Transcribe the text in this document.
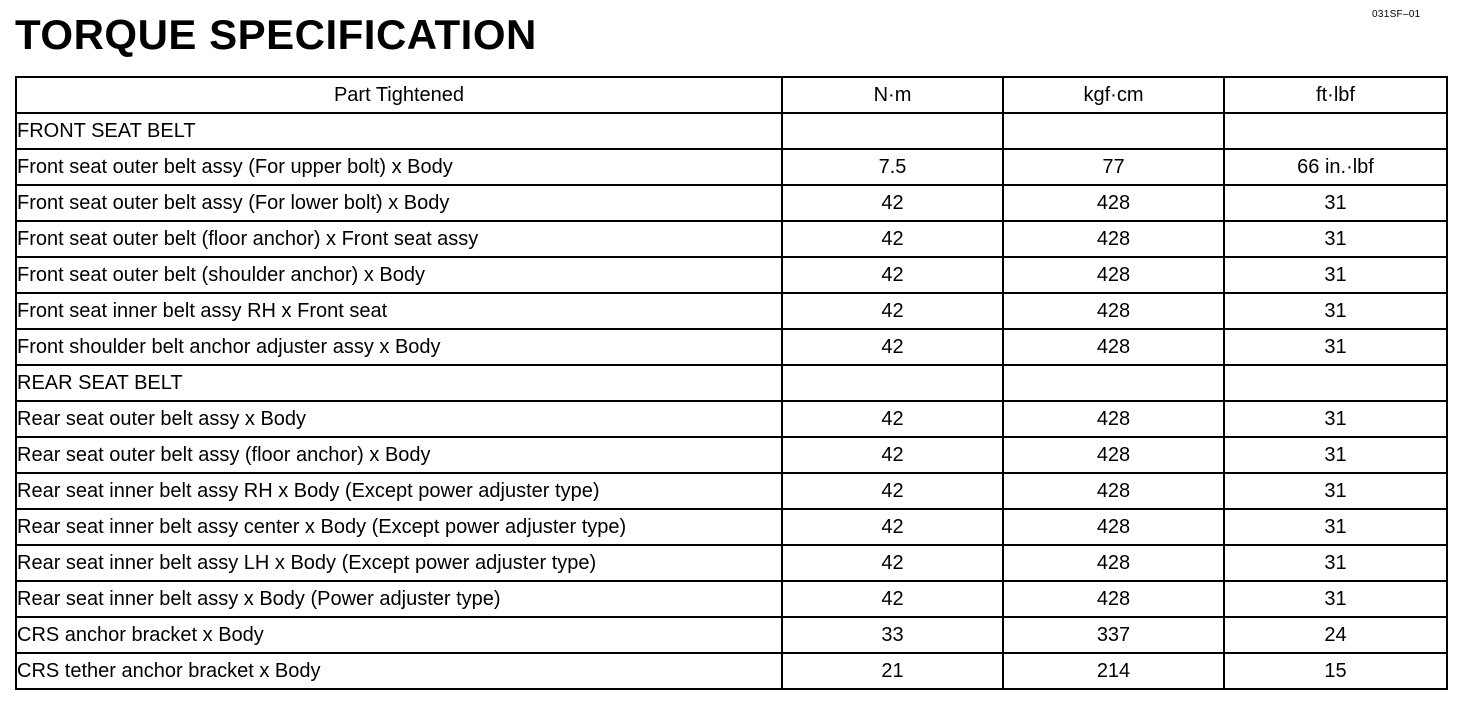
031SF–01
TORQUE SPECIFICATION
Part Tightened	N·m	kgf·cm	ft·lbf
FRONT SEAT BELT			
Front seat outer belt assy (For upper bolt) x Body	7.5	77	66 in.·lbf
Front seat outer belt assy (For lower bolt) x Body	42	428	31
Front seat outer belt (floor anchor) x Front seat assy	42	428	31
Front seat outer belt (shoulder anchor) x Body	42	428	31
Front seat inner belt assy RH x Front seat	42	428	31
Front shoulder belt anchor adjuster assy x Body	42	428	31
REAR SEAT BELT			
Rear seat outer belt assy x Body	42	428	31
Rear seat outer belt assy (floor anchor) x Body	42	428	31
Rear seat inner belt assy RH x Body (Except power adjuster type)	42	428	31
Rear seat inner belt assy center x Body (Except power adjuster type)	42	428	31
Rear seat inner belt assy LH x Body (Except power adjuster type)	42	428	31
Rear seat inner belt assy x Body (Power adjuster type)	42	428	31
CRS anchor bracket x Body	33	337	24
CRS tether anchor bracket x Body	21	214	15
